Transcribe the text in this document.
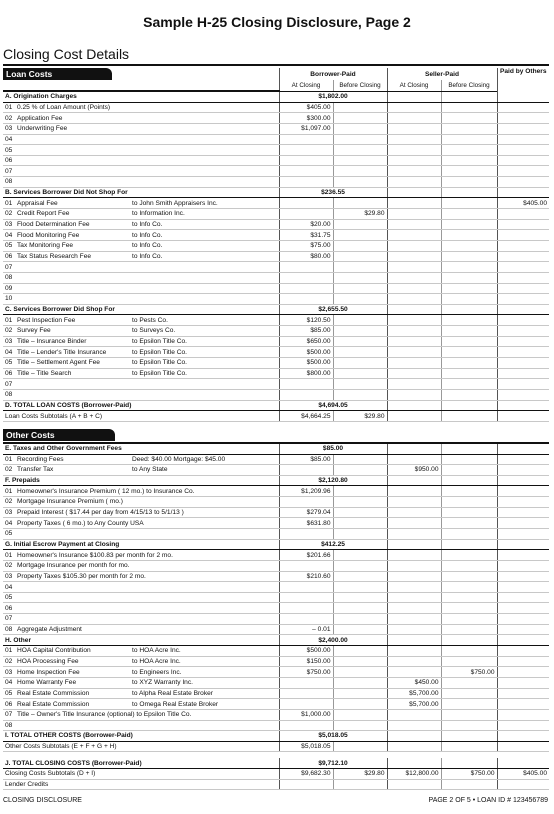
Sample H-25 Closing Disclosure, Page 2
Closing Cost Details
Loan Costs		Borrower-Paid		Seller-Paid		Paid by Others
		At Closing	Before Closing	At Closing	Before Closing	
A. Origination Charges		$1,802.00				
01 0.25 % of Loan Amount (Points)		$405.00				
02 Application Fee		$300.00				
03 Underwriting Fee		$1,097.00				
04						
05						
06						
07						
08						
B. Services Borrower Did Not Shop For		$236.55				
01 Appraisal Fee	to John Smith Appraisers Inc.					$405.00
02 Credit Report Fee	to Information Inc.		$29.80			
03 Flood Determination Fee	to Info Co.	$20.00				
04 Flood Monitoring Fee	to Info Co.	$31.75				
05 Tax Monitoring Fee	to Info Co.	$75.00				
06 Tax Status Research Fee	to Info Co.	$80.00				
07						
08						
09						
10						
C. Services Borrower Did Shop For		$2,655.50				
01 Pest Inspection Fee	to Pests Co.	$120.50				
02 Survey Fee	to Surveys Co.	$85.00				
03 Title – Insurance Binder	to Epsilon Title Co.	$650.00				
04 Title – Lender's Title Insurance	to Epsilon Title Co.	$500.00				
05 Title – Settlement Agent Fee	to Epsilon Title Co.	$500.00				
06 Title – Title Search	to Epsilon Title Co.	$800.00				
07						
08						
D. TOTAL LOAN COSTS (Borrower-Paid)		$4,694.05				
Loan Costs Subtotals (A + B + C)		$4,664.25	$29.80			

Other Costs						
E. Taxes and Other Government Fees		$85.00				
01 Recording Fees	Deed: $40.00 Mortgage: $45.00	$85.00				
02 Transfer Tax	to Any State			$950.00		
F. Prepaids		$2,120.80				
01 Homeowner's Insurance Premium ( 12 mo.) to Insurance Co.		$1,209.96				
02 Mortgage Insurance Premium ( mo.)						
03 Prepaid Interest ( $17.44 per day from 4/15/13 to 5/1/13 )		$279.04				
04 Property Taxes ( 6 mo.) to Any County USA		$631.80				
05						
G. Initial Escrow Payment at Closing		$412.25				
01 Homeowner's Insurance $100.83 per month for 2 mo.		$201.66				
02 Mortgage Insurance per month for mo.						
03 Property Taxes $105.30 per month for 2 mo.		$210.60				
04						
05						
06						
07						
08 Aggregate Adjustment		– 0.01				
H. Other		$2,400.00				
01 HOA Capital Contribution	to HOA Acre Inc.	$500.00				
02 HOA Processing Fee	to HOA Acre Inc.	$150.00				
03 Home Inspection Fee	to Engineers Inc.	$750.00			$750.00	
04 Home Warranty Fee	to XYZ Warranty Inc.			$450.00		
05 Real Estate Commission	to Alpha Real Estate Broker			$5,700.00		
06 Real Estate Commission	to Omega Real Estate Broker			$5,700.00		
07 Title – Owner's Title Insurance (optional) to Epsilon Title Co.		$1,000.00				
08						
I. TOTAL OTHER COSTS (Borrower-Paid)		$5,018.05				
Other Costs Subtotals (E + F + G + H)		$5,018.05				

J. TOTAL CLOSING COSTS (Borrower-Paid)		$9,712.10				
Closing Costs Subtotals (D + I)		$9,682.30	$29.80	$12,800.00	$750.00	$405.00
Lender Credits						
CLOSING DISCLOSURE	PAGE 2 OF 5 • LOAN ID # 123456789
